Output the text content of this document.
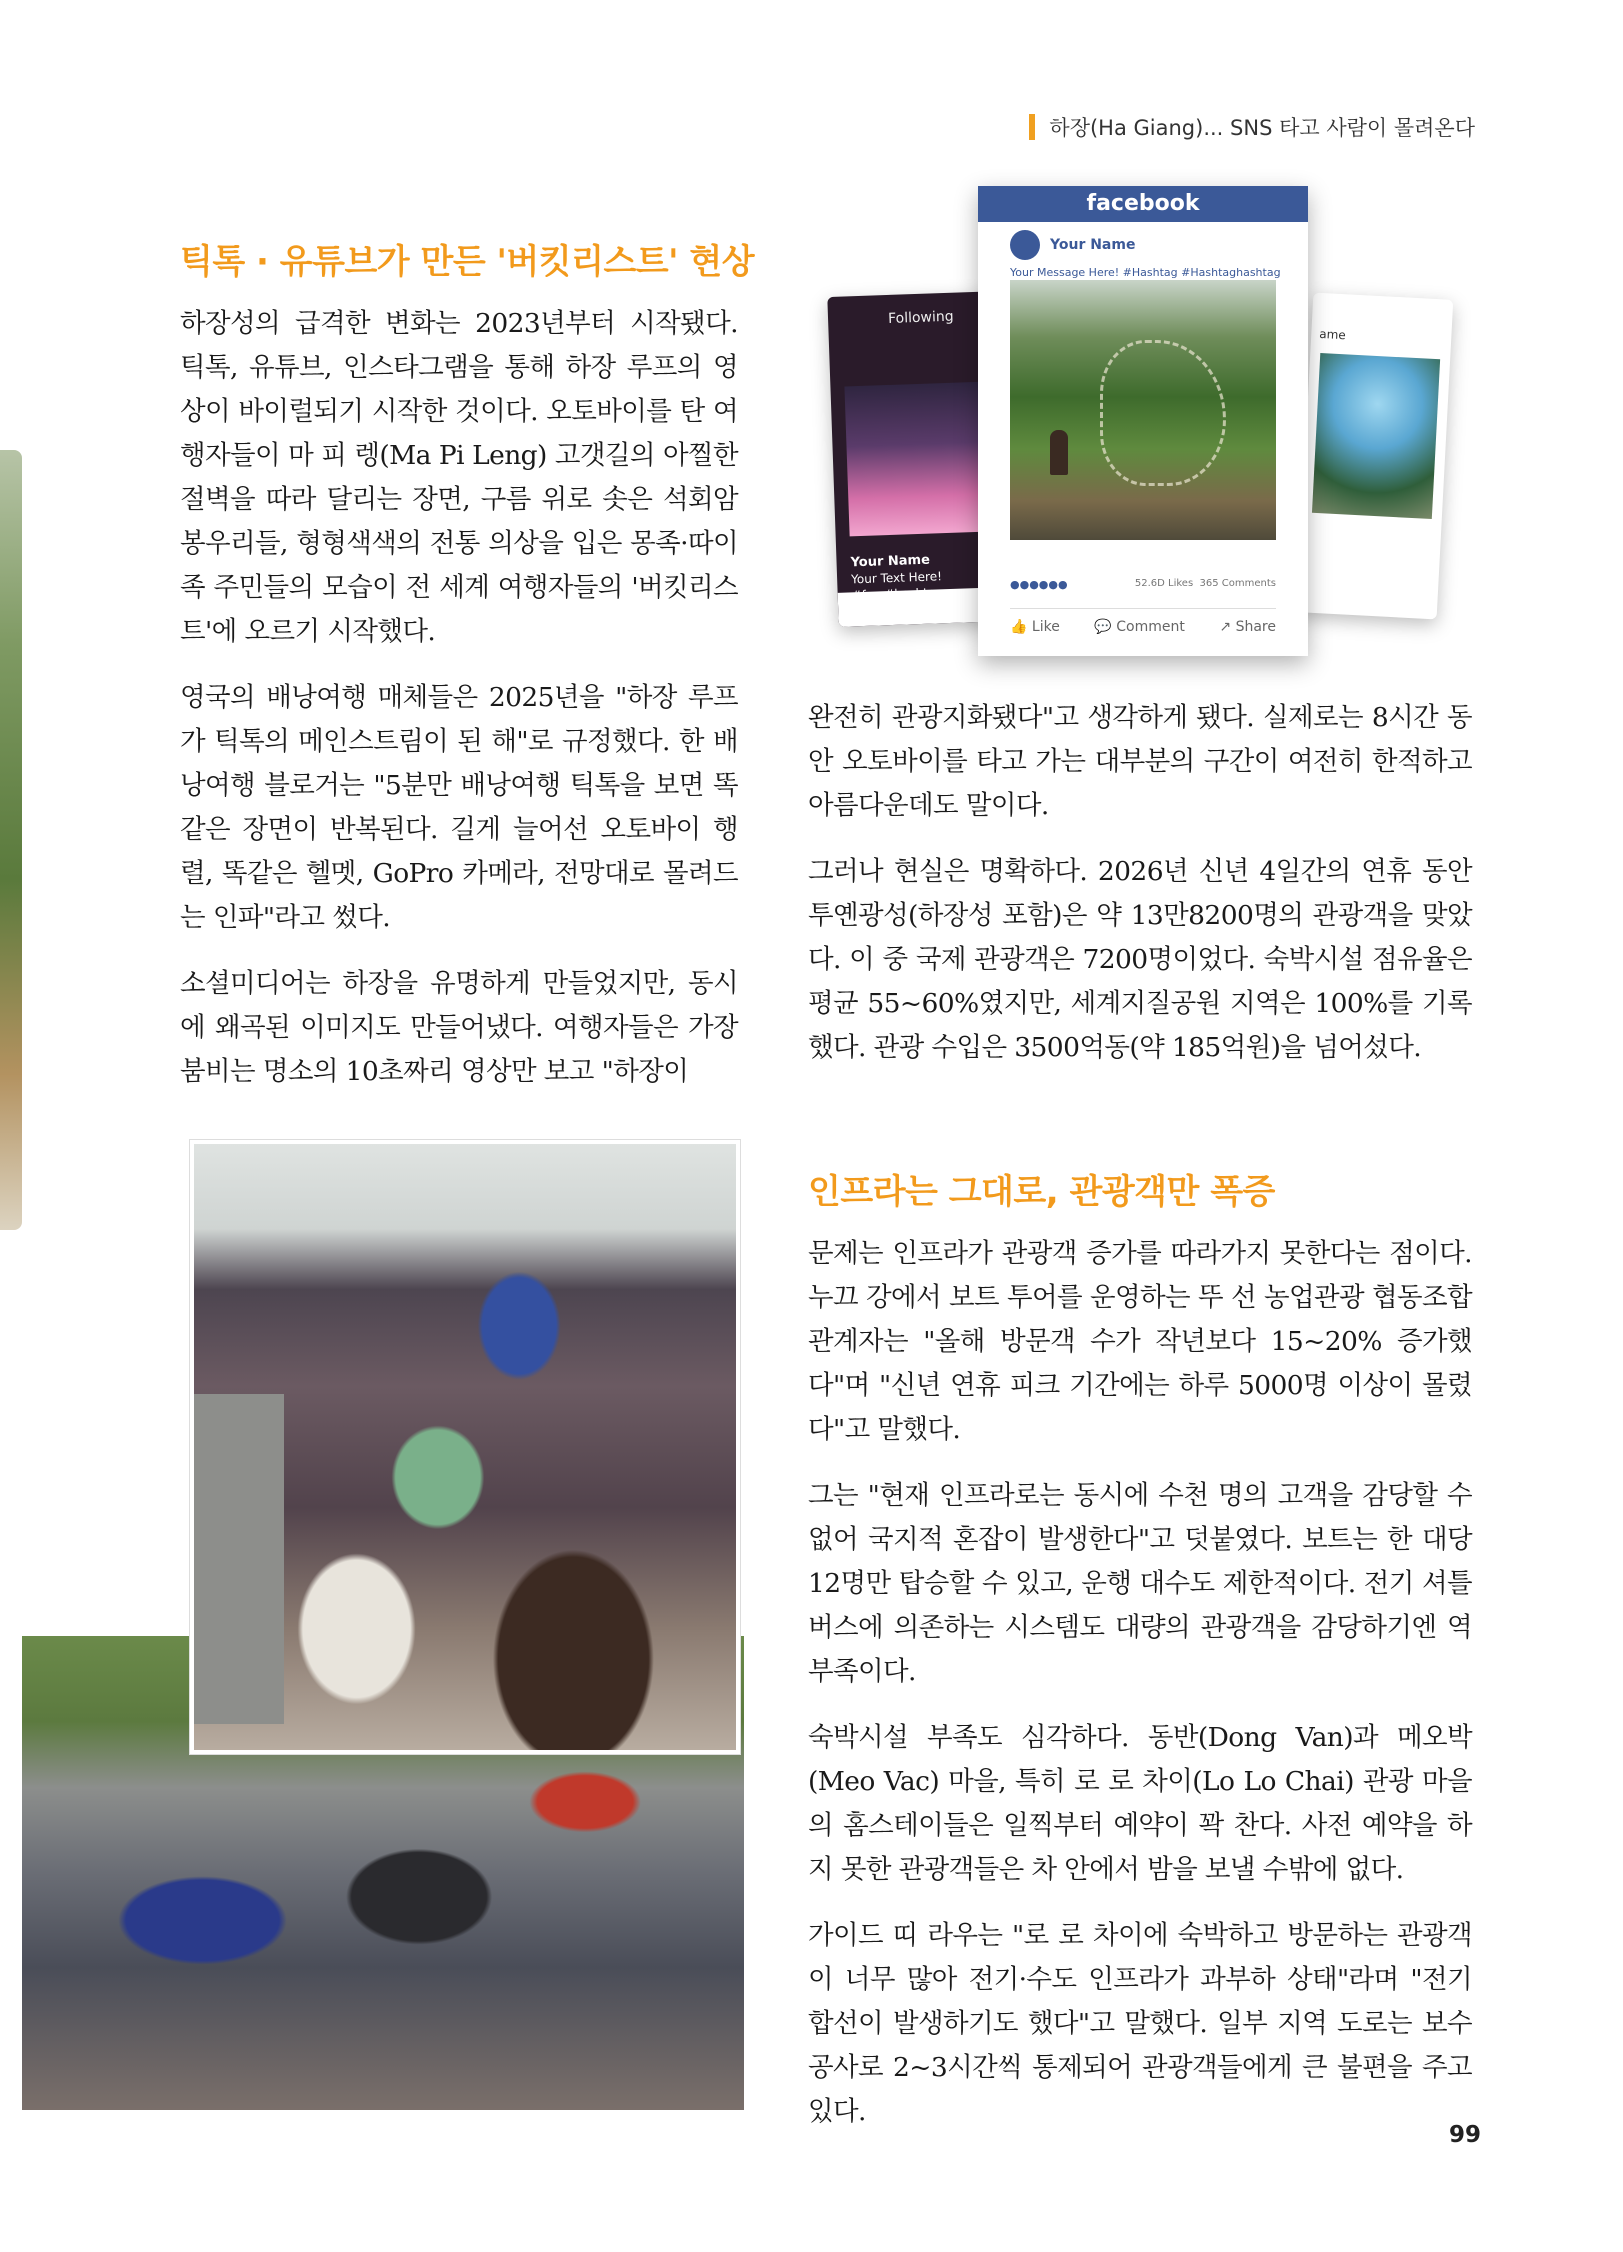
하장(Ha Giang)... SNS 타고 사람이 몰려온다
틱톡 · 유튜브가 만든 '버킷리스트' 현상

하장성의 급격한 변화는 2023년부터 시작됐다. 틱톡, 유튜브, 인스타그램을 통해 하장 루프의 영상이 바이럴되기 시작한 것이다. 오토바이를 탄 여행자들이 마 피 렝(Ma Pi Leng) 고갯길의 아찔한 절벽을 따라 달리는 장면, 구름 위로 솟은 석회암 봉우리들, 형형색색의 전통 의상을 입은 몽족·따이족 주민들의 모습이 전 세계 여행자들의 '버킷리스트'에 오르기 시작했다.

영국의 배낭여행 매체들은 2025년을 "하장 루프가 틱톡의 메인스트림이 된 해"로 규정했다. 한 배낭여행 블로거는 "5분만 배낭여행 틱톡을 보면 똑같은 장면이 반복된다. 길게 늘어선 오토바이 행렬, 똑같은 헬멧, GoPro 카메라, 전망대로 몰려드는 인파"라고 썼다.

소셜미디어는 하장을 유명하게 만들었지만, 동시에 왜곡된 이미지도 만들어냈다. 여행자들은 가장 붐비는 명소의 10초짜리 영상만 보고 "하장이

Following
Your Name
Your Text Here!

ame
facebook
Your Name
Your Message Here! #Hashtag #Hashtaghashtag
●●●●●●	52.6D Likes 365 Comments
👍 Like 💬 Comment ↗ Share

완전히 관광지화됐다"고 생각하게 됐다. 실제로는 8시간 동안 오토바이를 타고 가는 대부분의 구간이 여전히 한적하고 아름다운데도 말이다.

그러나 현실은 명확하다. 2026년 신년 4일간의 연휴 동안 투옌광성(하장성 포함)은 약 13만8200명의 관광객을 맞았다. 이 중 국제 관광객은 7200명이었다. 숙박시설 점유율은 평균 55~60%였지만, 세계지질공원 지역은 100%를 기록했다. 관광 수입은 3500억동(약 185억원)을 넘어섰다.

인프라는 그대로, 관광객만 폭증

문제는 인프라가 관광객 증가를 따라가지 못한다는 점이다. 누끄 강에서 보트 투어를 운영하는 뚜 선 농업관광 협동조합 관계자는 "올해 방문객 수가 작년보다 15~20% 증가했다"며 "신년 연휴 피크 기간에는 하루 5000명 이상이 몰렸다"고 말했다.

그는 "현재 인프라로는 동시에 수천 명의 고객을 감당할 수 없어 국지적 혼잡이 발생한다"고 덧붙였다. 보트는 한 대당 12명만 탑승할 수 있고, 운행 대수도 제한적이다. 전기 셔틀버스에 의존하는 시스템도 대량의 관광객을 감당하기엔 역부족이다.

숙박시설 부족도 심각하다. 동반(Dong Van)과 메오박(Meo Vac) 마을, 특히 로 로 차이(Lo Lo Chai) 관광 마을의 홈스테이들은 일찍부터 예약이 꽉 찬다. 사전 예약을 하지 못한 관광객들은 차 안에서 밤을 보낼 수밖에 없다.

가이드 띠 라우는 "로 로 차이에 숙박하고 방문하는 관광객이 너무 많아 전기·수도 인프라가 과부하 상태"라며 "전기 합선이 발생하기도 했다"고 말했다. 일부 지역 도로는 보수 공사로 2~3시간씩 통제되어 관광객들에게 큰 불편을 주고 있다.

99
